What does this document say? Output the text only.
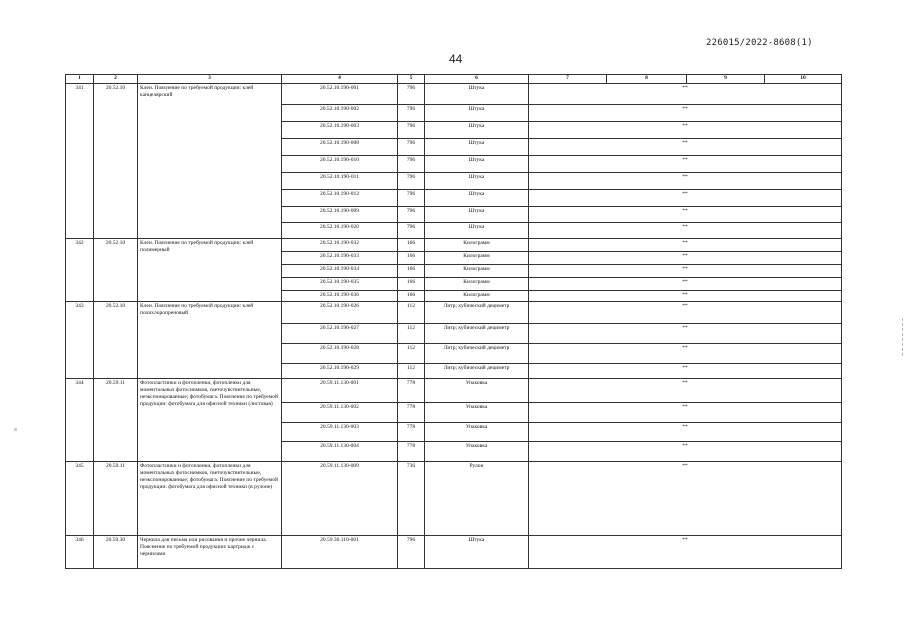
226015/2022-8608(1)
44
1	2	3	4	5	6	7	8	9	10
341	20.52.10	Клеи. Пояснение по требуемой продукции: клей канцелярский	20.52.10.190-001	796	Штука	**			
			20.52.10.190-002	796	Штука	**			
			20.52.10.190-003	796	Штука	**			
			20.52.10.190-008	796	Штука	**			
			20.52.10.190-010	796	Штука	**			
			20.52.10.190-011	796	Штука	**			
			20.52.10.190-012	796	Штука	**			
			20.52.10.190-009	796	Штука	**			
			20.52.10.190-020	796	Штука	**			
342	20.52.10	Клеи. Пояснение по требуемой продукции: клей полимерный	20.52.10.190-032	166	Килограмм	**			
			20.52.10.190-033	166	Килограмм	**			
			20.52.10.190-034	166	Килограмм	**			
			20.52.10.190-035	166	Килограмм	**			
			20.52.10.190-036	166	Килограмм	**			
343	20.52.10	Клеи. Пояснение по требуемой продукции: клей полихлоропреновый	20.52.10.190-026	112	Литр; кубический дециметр	**			
			20.52.10.190-027	112	Литр; кубический дециметр	**			
			20.52.10.190-028	112	Литр; кубический дециметр	**			
			20.52.10.190-029	112	Литр; кубический дециметр	**			
344	20.59.11	Фотопластинки и фотопленки, фотопленки для моментальных фотоснимков, светочувствительные, неэкспонированные; фотобумага. Пояснение по требуемой продукции: фотобумага для офисной техники (листовая)	20.59.11.130-001	778	Упаковка	**			
			20.59.11.130-002	778	Упаковка	**			
			20.59.11.130-003	778	Упаковка	**			
			20.59.11.130-004	778	Упаковка	**			
345	20.59.11	Фотопластинки и фотопленки, фотопленки для моментальных фотоснимков, светочувствительные, неэкспонированные; фотобумага. Пояснение по требуемой продукции: фотобумага для офисной техники (в рулоне)	20.59.11.130-009	736	Рулон	**			
346	20.59.30	Чернила для письма или рисования и прочие чернила. Пояснение по требуемой продукции: картридж с чернилами	20.59.30.110-001	796	Штука	**			
